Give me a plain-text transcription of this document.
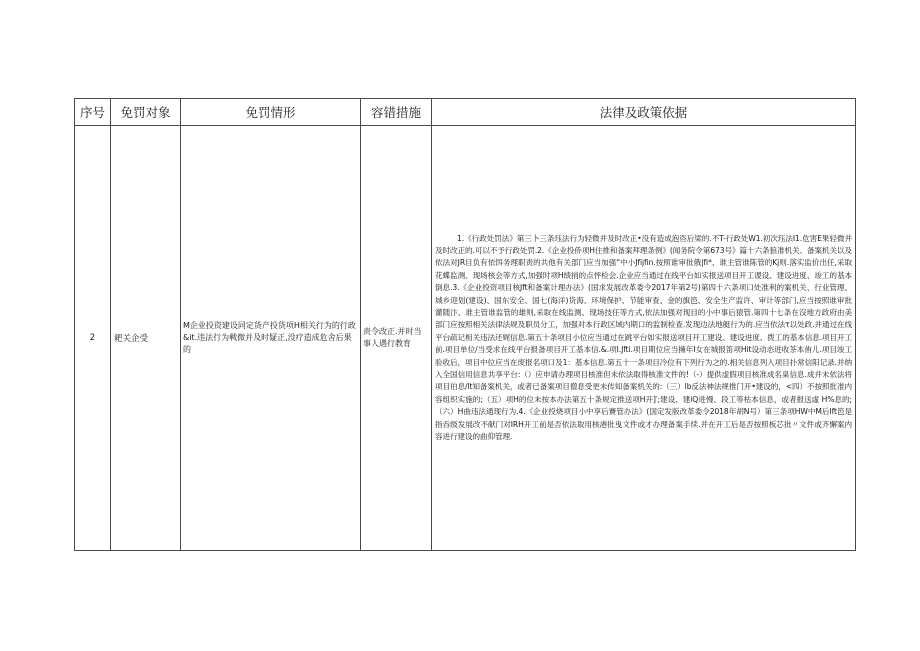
序号	免罚对象	免罚情形	容错措施	法律及政策依据
2	耙关企受	M企业投资建设同定货产投货项H相关行为的行政&it.违法行为戦微并及时疑正,没疗造成危舍后果的	责令改正.并时当事人遇行教育	1.《行政处罚法》第三卜三条珏法行为轻微并及时改正•没有造成泡咨后梁的.不T-行政处W1.初次珏法I1.危害E果轻微并及时改正的.可以不予行政处罚.2.《企业投侨项H住推和备案拜理条例》(闻务院令第673号》篇十六条狼准机关、备案机关以及依法对JR目负有依饵务理职责的共他有关部门应当加强“中小Jfijfin.按照谁审批俄|fi*、谁主管谁陈管的Kj则.落实监价出任,采取花蝶监测、现场核会等方式,加强时项H绩捎的点怦检会.企业应当通过在线平台如实报送项目开工谡设、建设进度、竣工的基本倒息.3.《企业投资项目核Jft和备案计理办法》(国求发展改革委令2017年第2号)第四十六条项口处准利的案机关、行业管理、城乡迎划(建设)、国东安全、国七(海洋)货海、环境保护、节能审查、金的旗笆、安全生产监许、审计等部门,应当按照谁审批灌随汴、谁主管谁监管的雄则,采取在线监测、现场技任等方式,依法加强对现目的小中事后猿管.第四十七条在沒地方政府由美部门应按照相关法律法规及职员分工，加强对本行政区域内期口的监制检查.发现边法地艇行为的.应当依法τ以处政.并通过在线平台疏记相关违法还娓信息.第五十条项目小位应当通过在跳平台如实报送项目开工建设、建设进度、拨工的基本信息.项目开工前.项目单位/当受求在线平台报备项目开工基本信.&.项I.Jfti.项目期位应当擁年I女在城报笛项Hit设动态进收茶本侑儿.项目竣工验收后，项目中位应当在废报名项口及1：基本信息.第五十一条项目冷位有下列行为之的.相关信息列入项目扑常信阳记录.并纳入全国信用信息共享平台:（）应申请办理项目核准但未依法取得核准文件的!（-）提供虚假项目核准成名臬信息.成并未依法将项目伯息/lt知备案机关，或者已备案项目僧息受更未传知备案机关的:（三）lb反法神法规推门开•建设的，<四）不按照批准内容组织实施的;（五）项H的位未按本办法第五十条规定推送项H开]′;建设、建iQ进慢、段工等枯本信息，或者报送虛 H%息的;（六）H曲违法通现行为.4.《企业投烧项目小中享后賽管办法》(国定发版改革委令2018年胡N号）第三条项HW中M后Ift笆是指吞级发展改不献门对IRH开工前是否依法取用核港批曳文件或才办理备案手续.并在开工后是否按照板芯批〃文件或齐懈案内容进行建设的曲仰管理.
